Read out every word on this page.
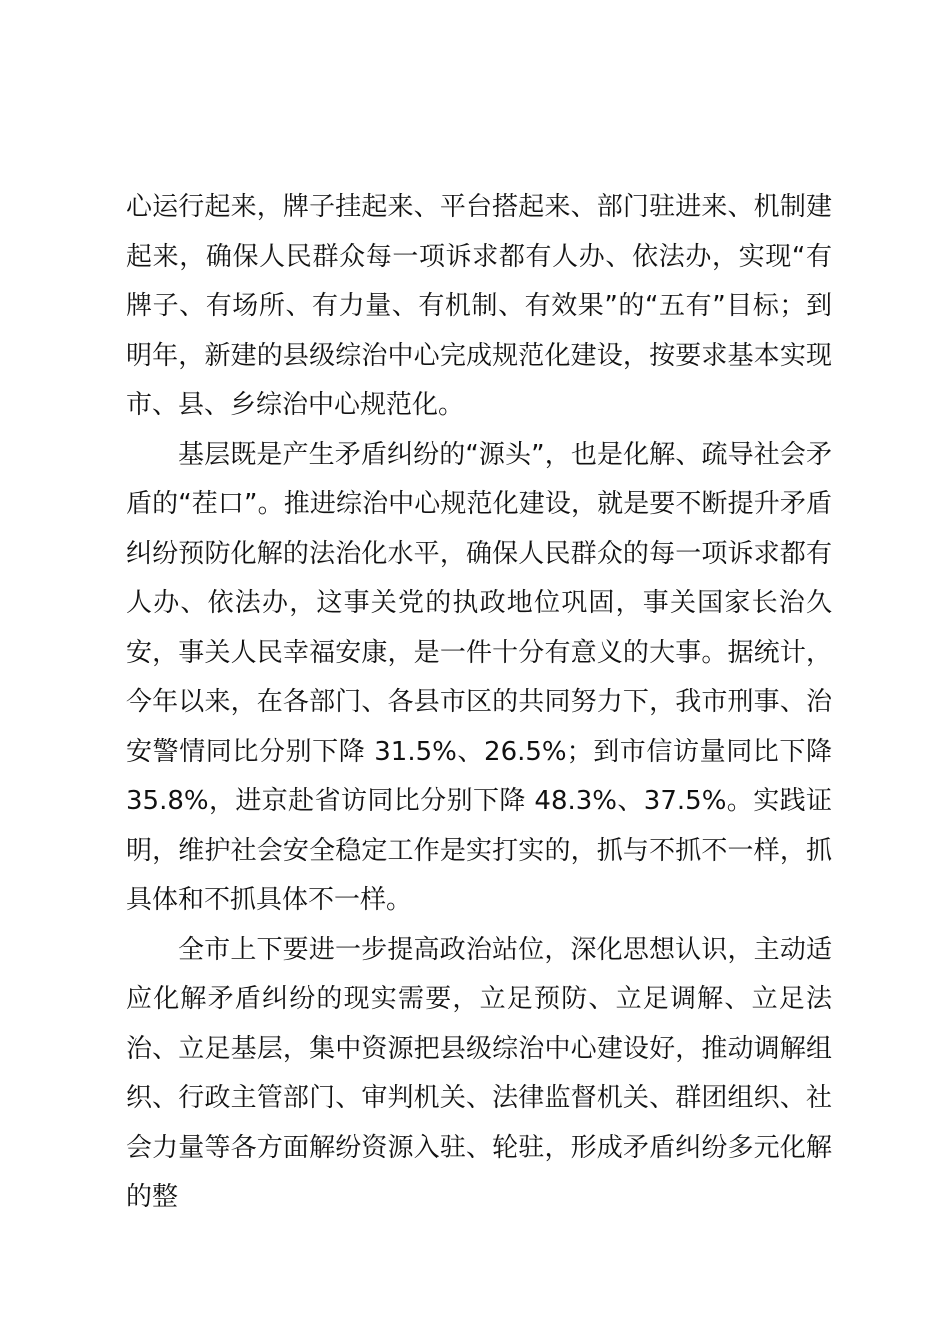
心运行起来，牌子挂起来、平台搭起来、部门驻进来、机制建起来，确保人民群众每一项诉求都有人办、依法办，实现“有牌子、有场所、有力量、有机制、有效果”的“五有”目标；到明年，新建的县级综治中心完成规范化建设，按要求基本实现市、县、乡综治中心规范化。

基层既是产生矛盾纠纷的“源头”，也是化解、疏导社会矛盾的“茬口”。推进综治中心规范化建设，就是要不断提升矛盾纠纷预防化解的法治化水平，确保人民群众的每一项诉求都有人办、依法办，这事关党的执政地位巩固，事关国家长治久安，事关人民幸福安康，是一件十分有意义的大事。据统计，今年以来，在各部门、各县市区的共同努力下，我市刑事、治安警情同比分别下降 31.5%、26.5%；到市信访量同比下降35.8%，进京赴省访同比分别下降 48.3%、37.5%。实践证明，维护社会安全稳定工作是实打实的，抓与不抓不一样，抓具体和不抓具体不一样。

全市上下要进一步提高政治站位，深化思想认识，主动适应化解矛盾纠纷的现实需要，立足预防、立足调解、立足法治、立足基层，集中资源把县级综治中心建设好，推动调解组织、行政主管部门、审判机关、法律监督机关、群团组织、社会力量等各方面解纷资源入驻、轮驻，形成矛盾纠纷多元化解的整
